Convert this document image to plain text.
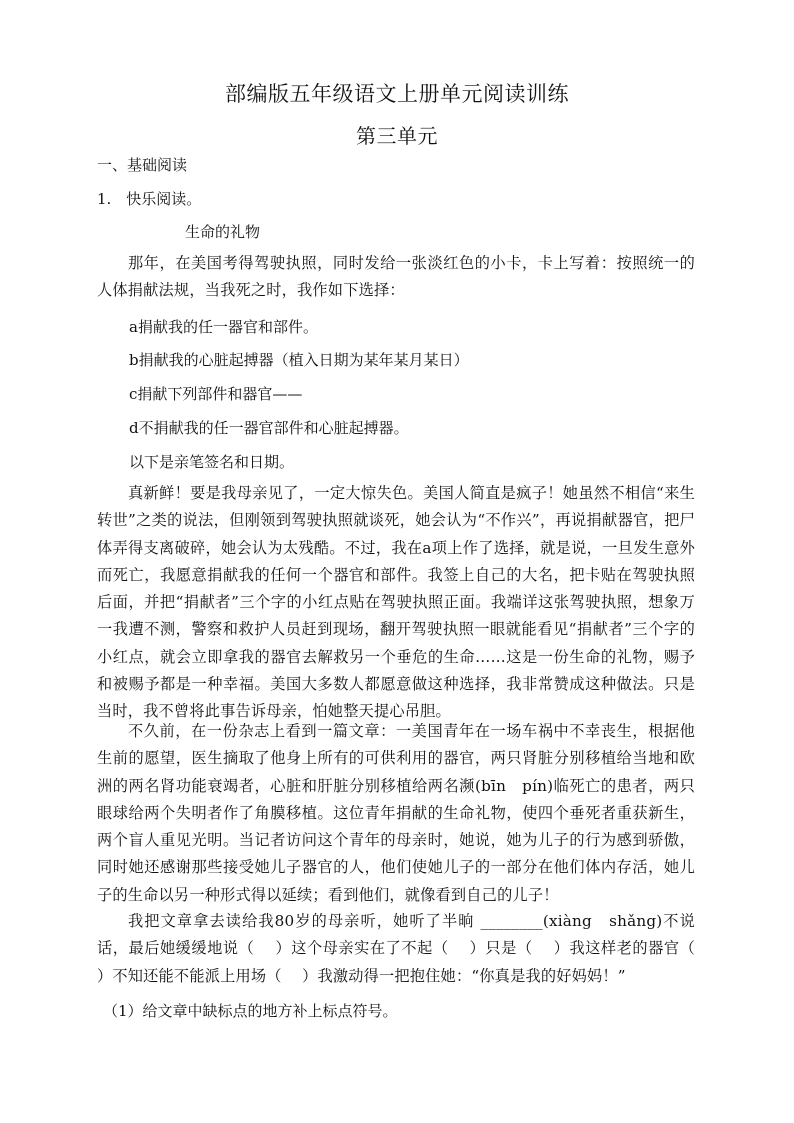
部编版五年级语文上册单元阅读训练
第三单元
一、基础阅读
1.　快乐阅读。
生命的礼物
那年，在美国考得驾驶执照，同时发给一张淡红色的小卡，卡上写着：按照统一的人体捐献法规，当我死之时，我作如下选择：
a捐献我的任一器官和部件。
b捐献我的心脏起搏器（植入日期为某年某月某日）
c捐献下列部件和器官——
d不捐献我的任一器官部件和心脏起搏器。
以下是亲笔签名和日期。
真新鲜！要是我母亲见了，一定大惊失色。美国人简直是疯子！她虽然不相信“来生转世”之类的说法，但刚领到驾驶执照就谈死，她会认为“不作兴”，再说捐献器官，把尸体弄得支离破碎，她会认为太残酷。不过，我在a项上作了选择，就是说，一旦发生意外而死亡，我愿意捐献我的任何一个器官和部件。我签上自己的大名，把卡贴在驾驶执照后面，并把“捐献者”三个字的小红点贴在驾驶执照正面。我端详这张驾驶执照，想象万一我遭不测，警察和救护人员赶到现场，翻开驾驶执照一眼就能看见“捐献者”三个字的小红点，就会立即拿我的器官去解救另一个垂危的生命……这是一份生命的礼物，赐予和被赐予都是一种幸福。美国大多数人都愿意做这种选择，我非常赞成这种做法。只是当时，我不曾将此事告诉母亲，怕她整天提心吊胆。
不久前，在一份杂志上看到一篇文章：一美国青年在一场车祸中不幸丧生，根据他生前的愿望，医生摘取了他身上所有的可供利用的器官，两只肾脏分别移植给当地和欧洲的两名肾功能衰竭者，心脏和肝脏分别移植给两名濒(bīn　pín)临死亡的患者，两只眼球给两个失明者作了角膜移植。这位青年捐献的生命礼物，使四个垂死者重获新生，两个盲人重见光明。当记者访问这个青年的母亲时，她说，她为儿子的行为感到骄傲，同时她还感谢那些接受她儿子器官的人，他们使她儿子的一部分在他们体内存活，她儿子的生命以另一种形式得以延续；看到他们，就像看到自己的儿子！
我把文章拿去读给我80岁的母亲听，她听了半晌 ________(xiàng　shǎng)不说话，最后她缓缓地说（　 ）这个母亲实在了不起（　 ）只是（　 ）我这样老的器官（　 ）不知还能不能派上用场（　 ）我激动得一把抱住她：“你真是我的好妈妈！”
（1）给文章中缺标点的地方补上标点符号。
